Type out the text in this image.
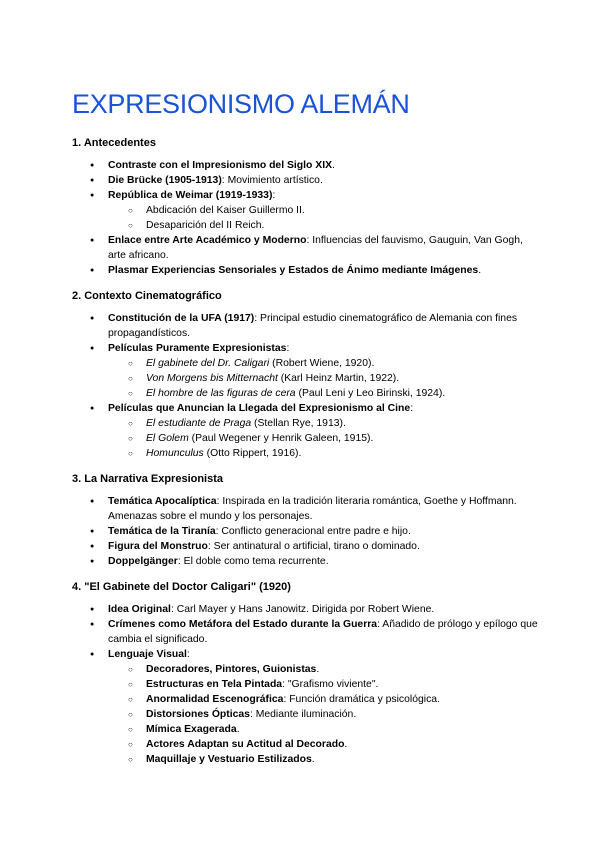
EXPRESIONISMO ALEMÁN
1. Antecedentes
● Contraste con el Impresionismo del Siglo XIX.
● Die Brücke (1905-1913): Movimiento artístico.
● República de Weimar (1919-1933):
○ Abdicación del Kaiser Guillermo II.
○ Desaparición del II Reich.
● Enlace entre Arte Académico y Moderno: Influencias del fauvismo, Gauguin, Van Gogh, arte africano.
● Plasmar Experiencias Sensoriales y Estados de Ánimo mediante Imágenes.
2. Contexto Cinematográfico
● Constitución de la UFA (1917): Principal estudio cinematográfico de Alemania con fines propagandísticos.
● Películas Puramente Expresionistas:
○ El gabinete del Dr. Caligari (Robert Wiene, 1920).
○ Von Morgens bis Mitternacht (Karl Heinz Martin, 1922).
○ El hombre de las figuras de cera (Paul Leni y Leo Birinski, 1924).
● Películas que Anuncian la Llegada del Expresionismo al Cine:
○ El estudiante de Praga (Stellan Rye, 1913).
○ El Golem (Paul Wegener y Henrik Galeen, 1915).
○ Homunculus (Otto Rippert, 1916).
3. La Narrativa Expresionista
● Temática Apocalíptica: Inspirada en la tradición literaria romántica, Goethe y Hoffmann. Amenazas sobre el mundo y los personajes.
● Temática de la Tiranía: Conflicto generacional entre padre e hijo.
● Figura del Monstruo: Ser antinatural o artificial, tirano o dominado.
● Doppelgänger: El doble como tema recurrente.
4. "El Gabinete del Doctor Caligari" (1920)
● Idea Original: Carl Mayer y Hans Janowitz. Dirigida por Robert Wiene.
● Crímenes como Metáfora del Estado durante la Guerra: Añadido de prólogo y epílogo que cambia el significado.
● Lenguaje Visual:
○ Decoradores, Pintores, Guionistas.
○ Estructuras en Tela Pintada: "Grafismo viviente".
○ Anormalidad Escenográfica: Función dramática y psicológica.
○ Distorsiones Ópticas: Mediante iluminación.
○ Mímica Exagerada.
○ Actores Adaptan su Actitud al Decorado.
○ Maquillaje y Vestuario Estilizados.
